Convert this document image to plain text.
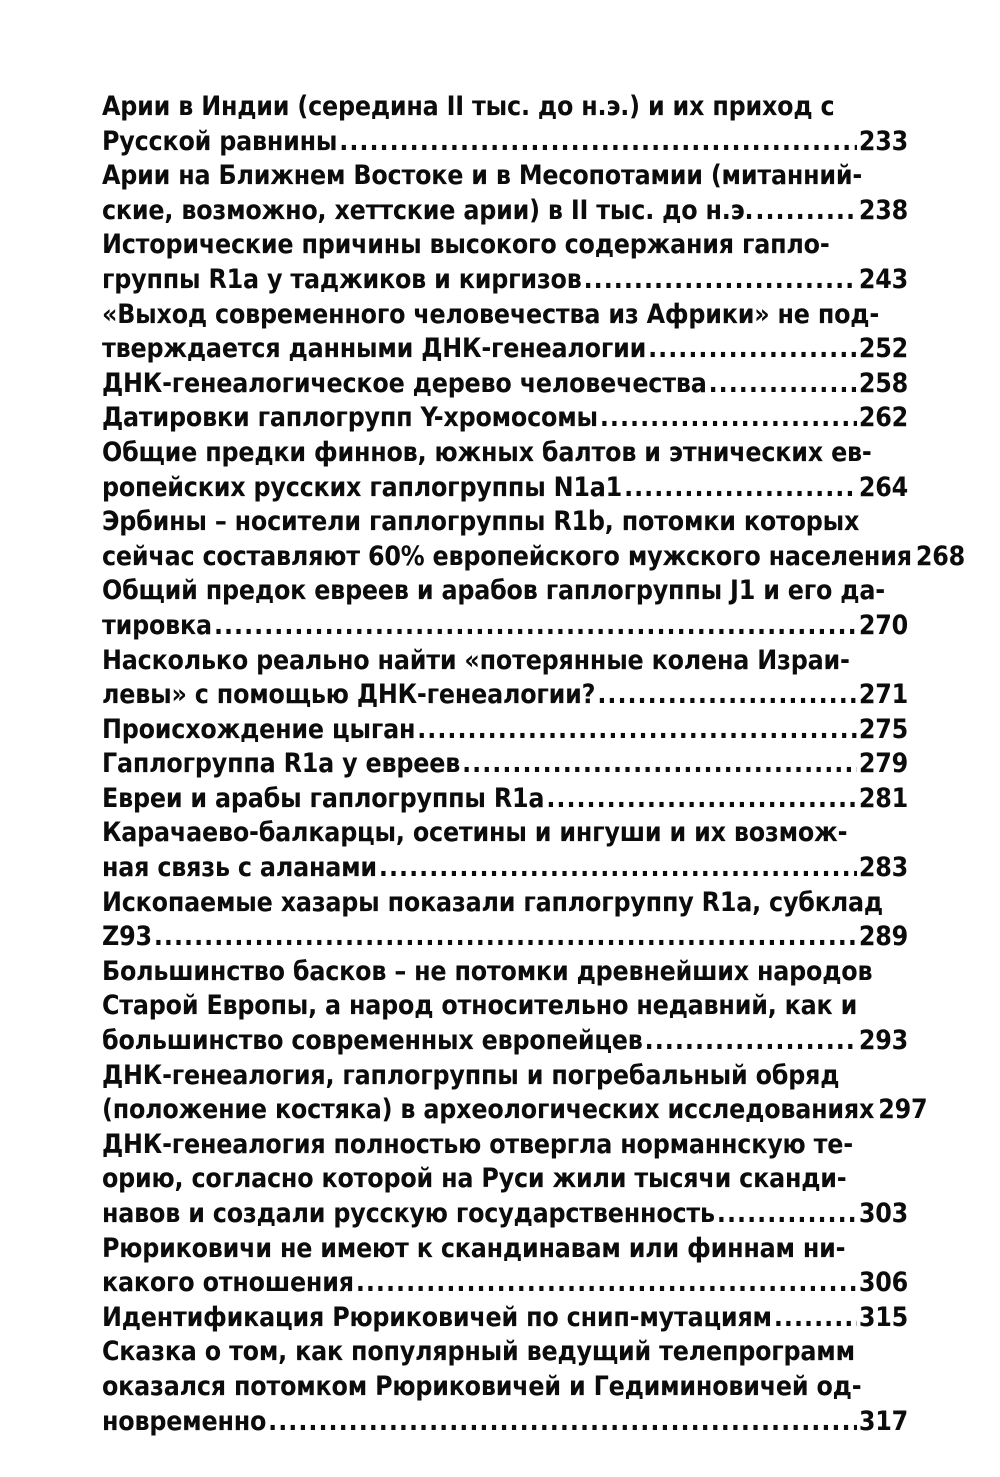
Арии в Индии (середина II тыс. до н.э.) и их приход с
Русской равнины .....	233
Арии на Ближнем Востоке и в Месопотамии (митанний-
ские, возможно, хеттские арии) в II тыс. до н.э. .....	238
Исторические причины высокого содержания гапло-
группы R1a у таджиков и киргизов .....	243
«Выход современного человечества из Африки» не под-
тверждается данными ДНК-генеалогии .....	252
ДНК-генеалогическое дерево человечества .....	258
Датировки гаплогрупп Y-хромосомы .....	262
Общие предки финнов, южных балтов и этнических ев-
ропейских русских гаплогруппы N1a1 .....	264
Эрбины – носители гаплогруппы R1b, потомки которых
сейчас составляют 60% европейского мужского населения 268
Общий предок евреев и арабов гаплогруппы J1 и его да-
тировка .....	270
Насколько реально найти «потерянные колена Израи-
левы» с помощью ДНК-генеалогии? .....	271
Происхождение цыган .....	275
Гаплогруппа R1a у евреев .....	279
Евреи и арабы гаплогруппы R1a .....	281
Карачаево-балкарцы, осетины и ингуши и их возмож-
ная связь с аланами .....	283
Ископаемые хазары показали гаплогруппу R1a, субклад
Z93 .....	289
Большинство басков – не потомки древнейших народов
Старой Европы, а народ относительно недавний, как и
большинство современных европейцев .....	293
ДНК-генеалогия, гаплогруппы и погребальный обряд
(положение костяка) в археологических исследованиях 297
ДНК-генеалогия полностью отвергла норманнскую те-
орию, согласно которой на Руси жили тысячи сканди-
навов и создали русскую государственность .....	303
Рюриковичи не имеют к скандинавам или финнам ни-
какого отношения .....	306
Идентификация Рюриковичей по снип-мутациям .....	315
Сказка о том, как популярный ведущий телепрограмм
оказался потомком Рюриковичей и Гедиминовичей од-
новременно .....	317
